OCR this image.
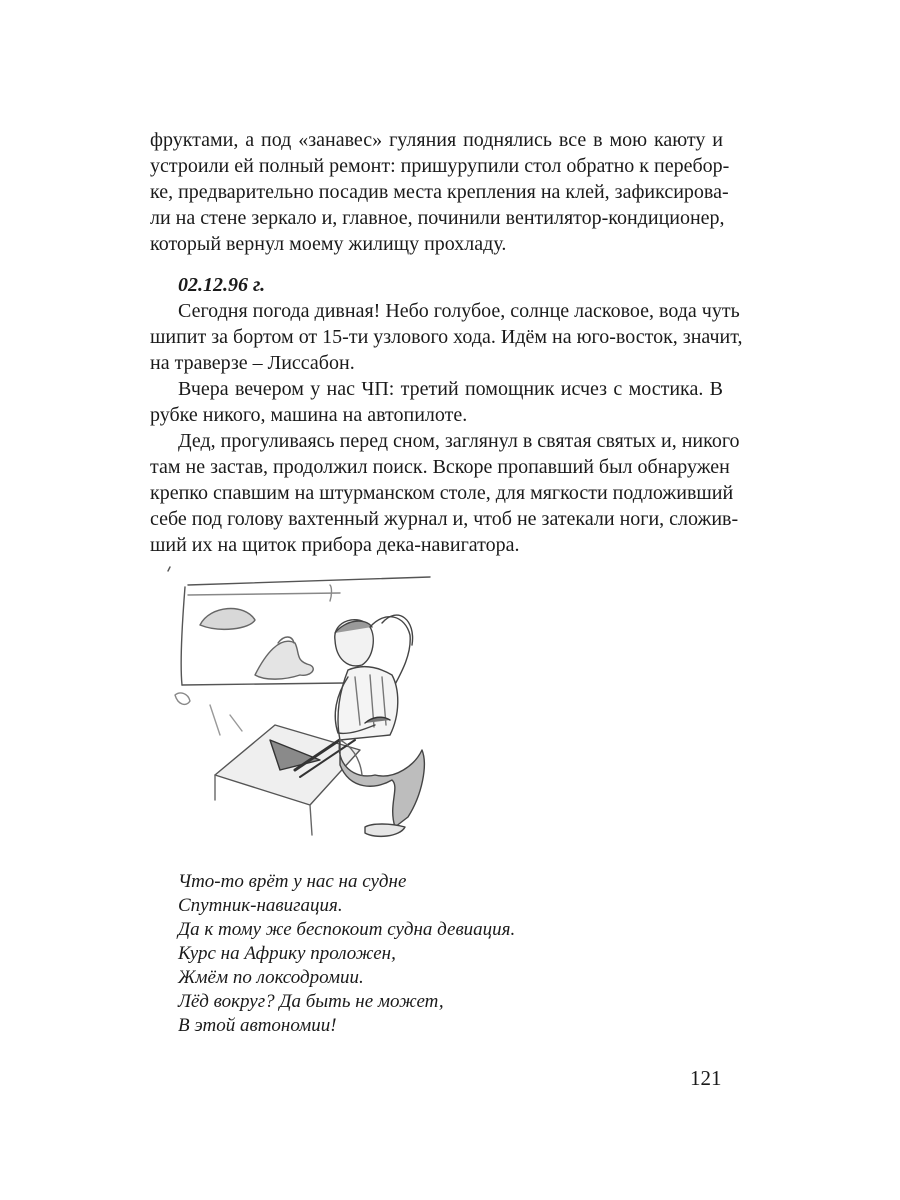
фруктами, а под «занавес» гуляния поднялись все в мою каюту и
устроили ей полный ремонт: пришурупили стол обратно к перебор-
ке, предварительно посадив места крепления на клей, зафиксирова-
ли на стене зеркало и, главное, починили вентилятор-кондиционер,
который вернул моему жилищу прохладу.
02.12.96 г.
Сегодня погода дивная! Небо голубое, солнце ласковое, вода чуть
шипит за бортом от 15-ти узлового хода. Идём на юго-восток, значит,
на траверзе – Лиссабон.
Вчера вечером у нас ЧП: третий помощник исчез с мостика. В
рубке никого, машина на автопилоте.
Дед, прогуливаясь перед сном, заглянул в святая святых и, никого
там не застав, продолжил поиск. Вскоре пропавший был обнаружен
крепко спавшим на штурманском столе, для мягкости подложивший
себе под голову вахтенный журнал и, чтоб не затекали ноги, сложив-
ший их на щиток прибора дека-навигатора.
Что-то врёт у нас на судне
Спутник-навигация.
Да к тому же беспокоит судна девиация.
Курс на Африку проложен,
Жмём по локсодромии.
Лёд вокруг? Да быть не может,
В этой автономии!
121
